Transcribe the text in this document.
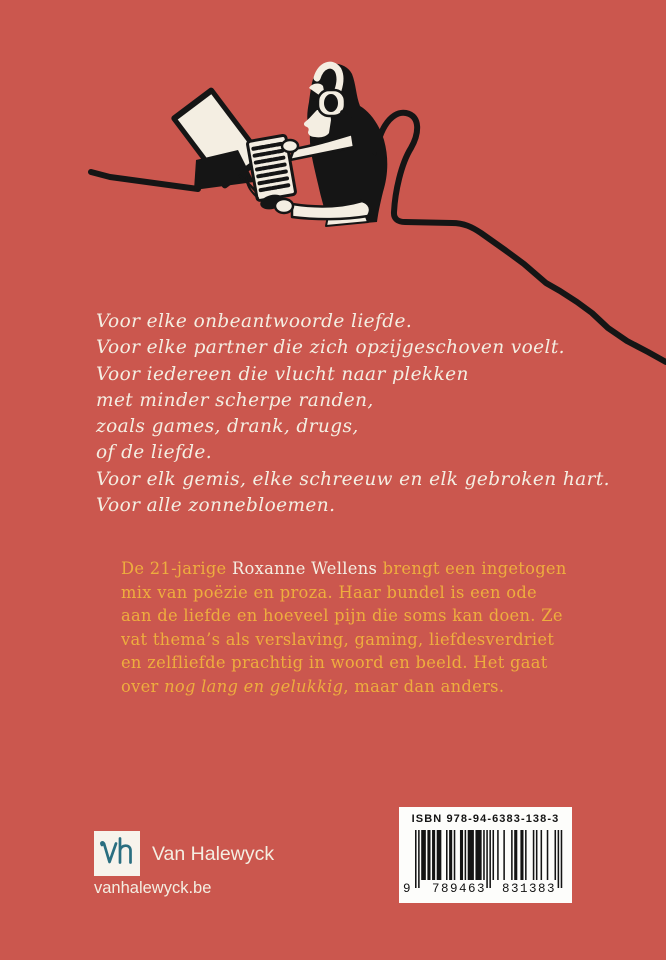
Voor elke onbeantwoorde liefde.
Voor elke partner die zich opzijgeschoven voelt.
Voor iedereen die vlucht naar plekken
met minder scherpe randen,
zoals games, drank, drugs,
of de liefde.
Voor elk gemis, elke schreeuw en elk gebroken hart.
Voor alle zonnebloemen.
De 21-jarige Roxanne Wellens brengt een ingetogen
mix van poëzie en proza. Haar bundel is een ode
aan de liefde en hoeveel pijn die soms kan doen. Ze
vat thema’s als verslaving, gaming, liefdesverdriet
en zelfliefde prachtig in woord en beeld. Het gaat
over nog lang en gelukkig, maar dan anders.
Van Halewyck
vanhalewyck.be
ISBN 978-94-6383-138-3
9 789463 831383
